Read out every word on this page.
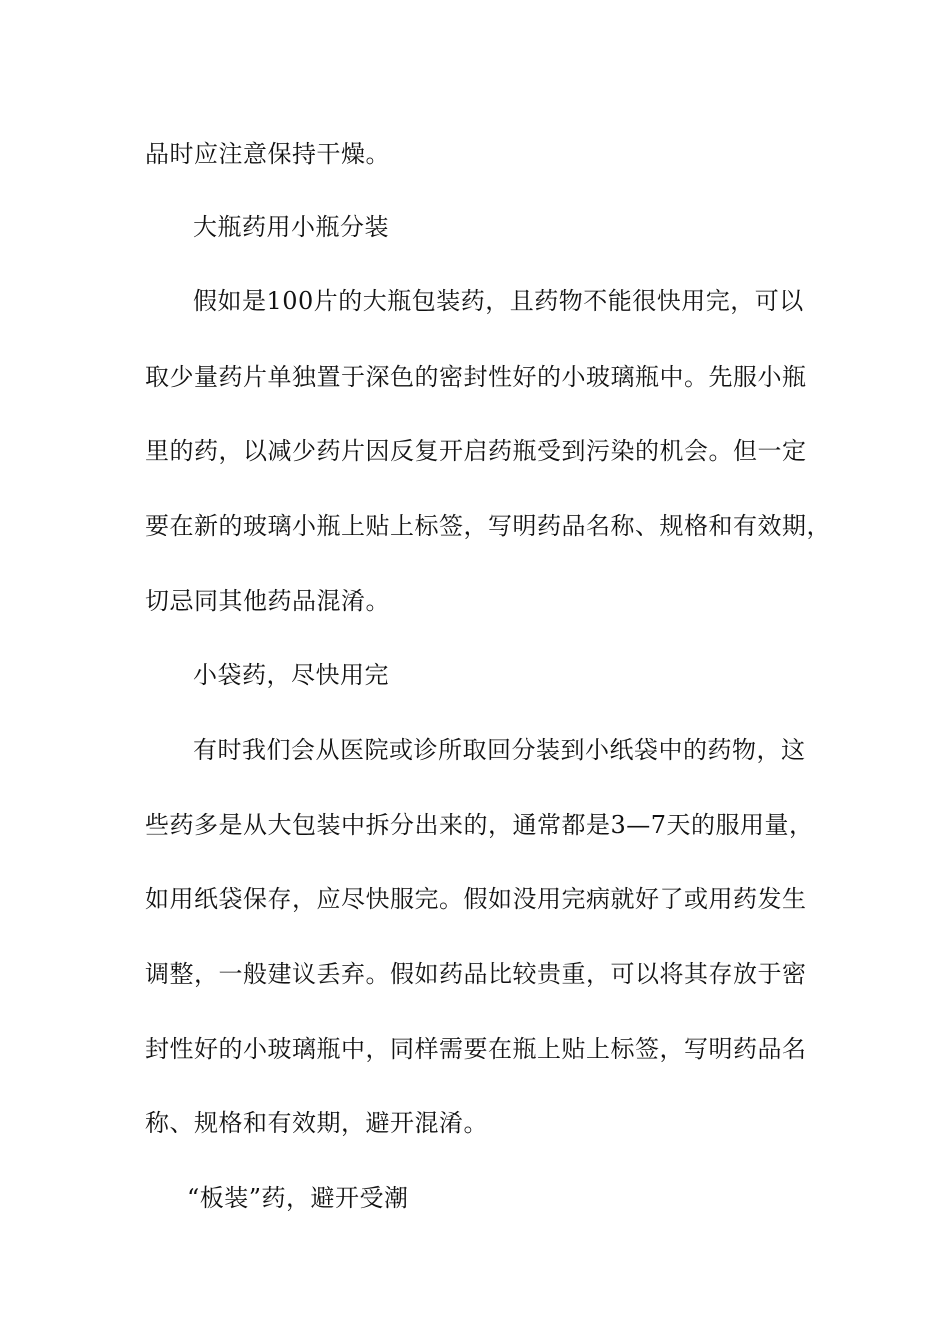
品时应注意保持干燥。
大瓶药用小瓶分装
假如是100片的大瓶包装药，且药物不能很快用完，可以
取少量药片单独置于深色的密封性好的小玻璃瓶中。先服小瓶
里的药，以减少药片因反复开启药瓶受到污染的机会。但一定
要在新的玻璃小瓶上贴上标签，写明药品名称、规格和有效期，
切忌同其他药品混淆。
小袋药，尽快用完
有时我们会从医院或诊所取回分装到小纸袋中的药物，这
些药多是从大包装中拆分出来的，通常都是3—7天的服用量，
如用纸袋保存，应尽快服完。假如没用完病就好了或用药发生
调整，一般建议丢弃。假如药品比较贵重，可以将其存放于密
封性好的小玻璃瓶中，同样需要在瓶上贴上标签，写明药品名
称、规格和有效期，避开混淆。
“板装”药，避开受潮
